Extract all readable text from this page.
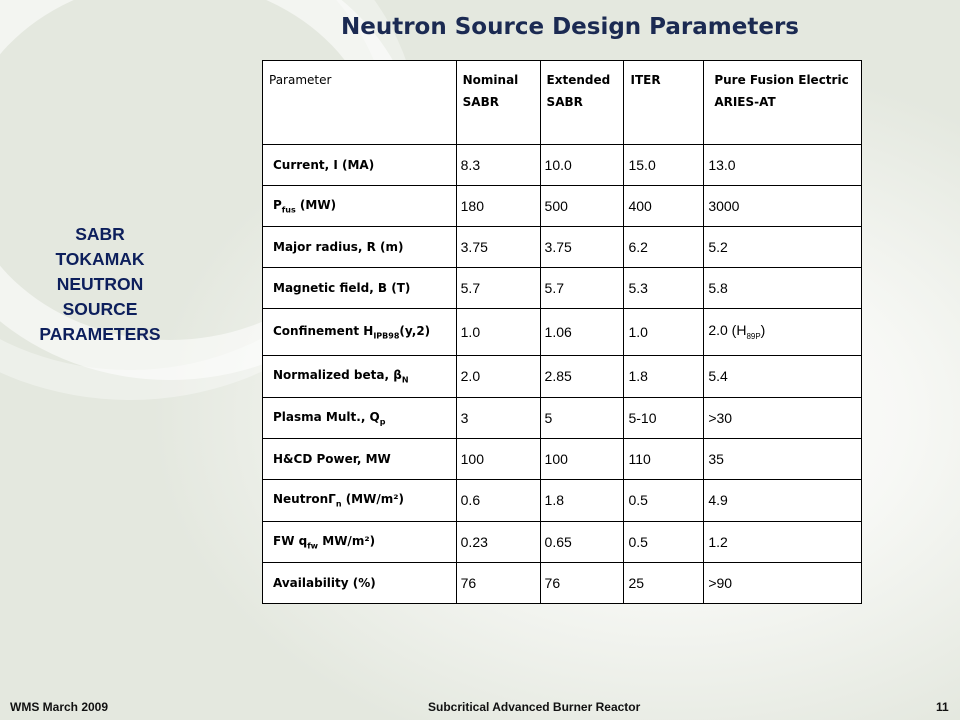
Neutron Source Design Parameters
SABR
TOKAMAK
NEUTRON
SOURCE
PARAMETERS
Parameter	Nominal SABR	Extended SABR	ITER	Pure Fusion Electric ARIES-AT
Current, I (MA)	8.3	10.0	15.0	13.0
$P_{fus}$ (MW)	180	500	400	3000
Major radius, R (m)	3.75	3.75	6.2	5.2
Magnetic field, B (T)	5.7	5.7	5.3	5.8
Confinement $H_{IPB98}(y,2)$	1.0	1.06	1.0	2.0 $(H_{89P})$
Normalized beta, $\beta_N$	2.0	2.85	1.8	5.4
Plasma Mult., $Q_p$	3	5	5-10	>30
H&CD Power, MW	100	100	110	35
NeutronΓ$_n$ (MW/m²)	0.6	1.8	0.5	4.9
FW $q_{fw}$ MW/m²)	0.23	0.65	0.5	1.2
Availability (%)	76	76	25	>90
WMS March 2009	Subcritical Advanced Burner Reactor	11
